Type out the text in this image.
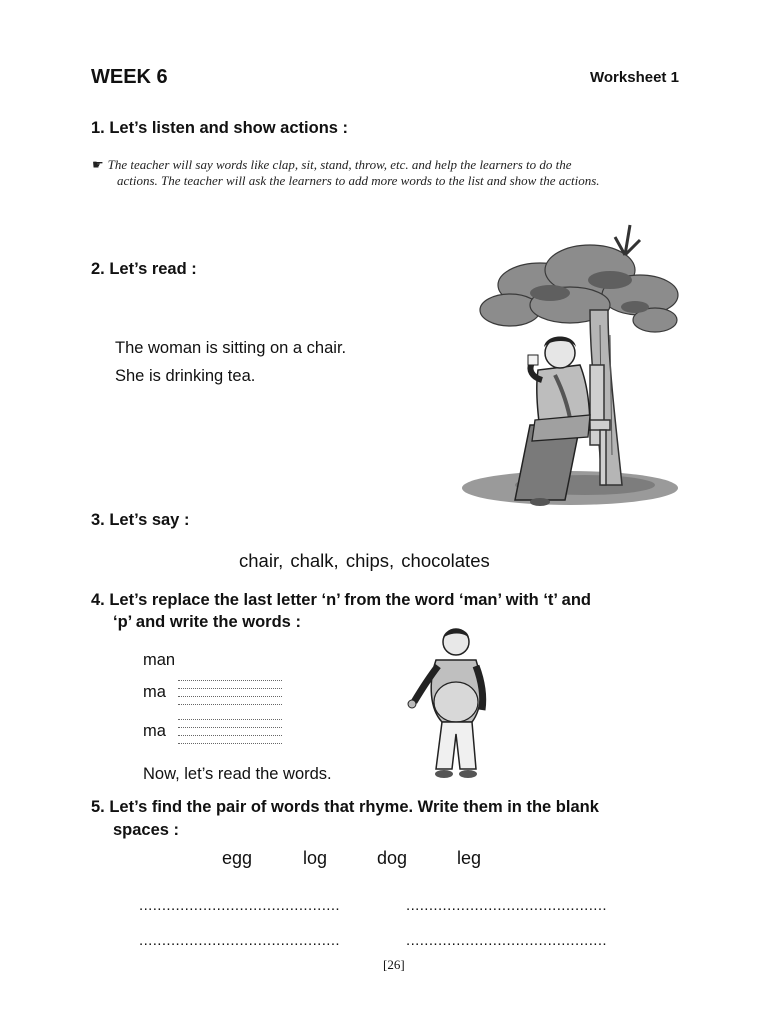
WEEK 6	Worksheet 1
1. Let’s listen and show actions :
☛ The teacher will say words like clap, sit, stand, throw, etc. and help the learners to do the
actions. The teacher will ask the learners to add more words to the list and show the actions.
2. Let’s read :
The woman is sitting on a chair.
She is drinking tea.
3. Let’s say :
chair, chalk, chips, chocolates
4. Let’s replace the last letter ‘n’ from the word ‘man’ with ‘t’ and
‘p’ and write the words :
man
ma
ma
Now, let’s read the words.
5. Let’s find the pair of words that rhyme. Write them in the blank
spaces :
egg	log	dog	leg
............................................	............................................
............................................	............................................
[26]
